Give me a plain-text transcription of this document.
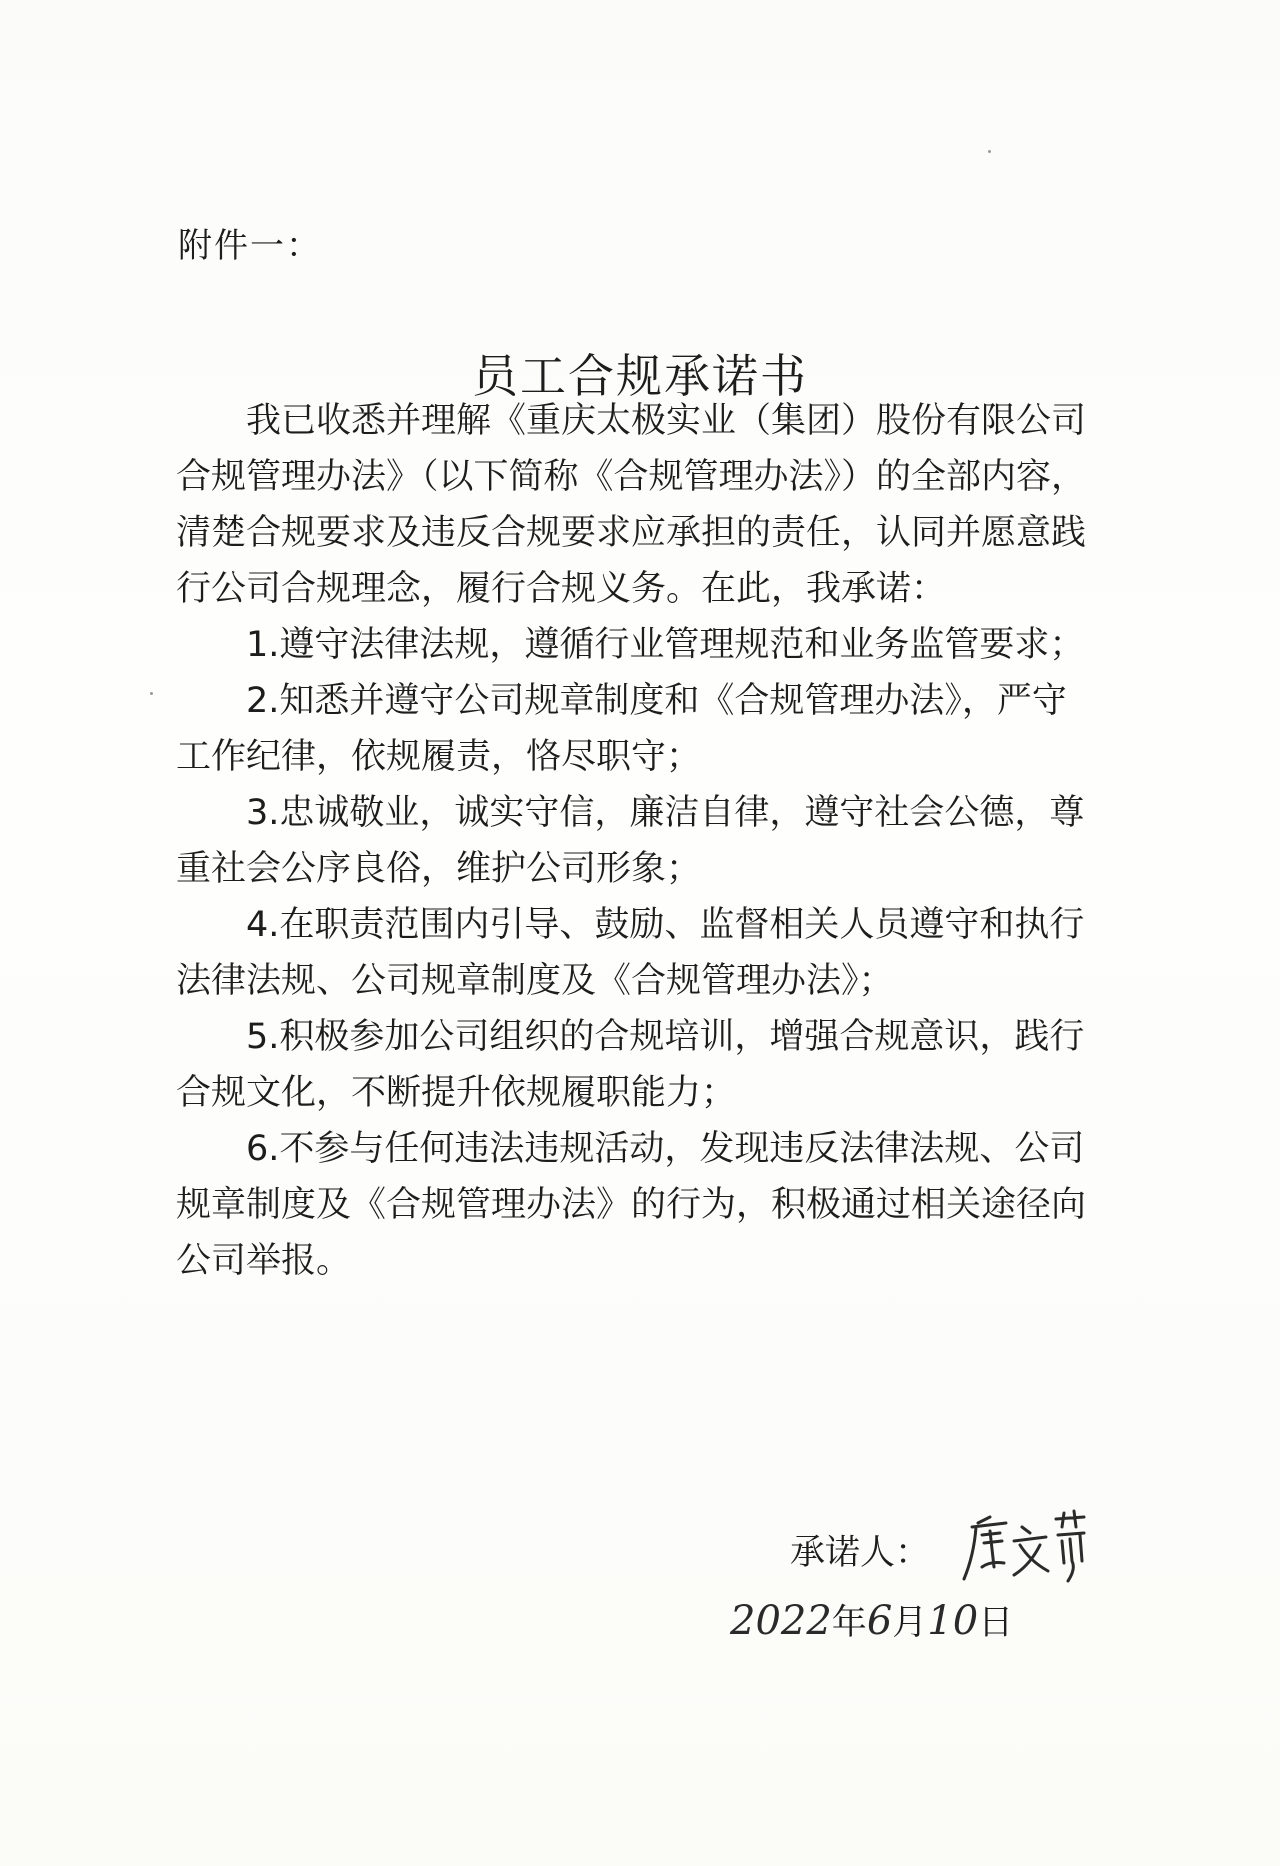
附件一：
员工合规承诺书
我已收悉并理解《重庆太极实业（集团）股份有限公司
合规管理办法》（以下简称《合规管理办法》）的全部内容，
清楚合规要求及违反合规要求应承担的责任，认同并愿意践
行公司合规理念，履行合规义务。在此，我承诺：
1.遵守法律法规，遵循行业管理规范和业务监管要求；
2.知悉并遵守公司规章制度和《合规管理办法》，严守
工作纪律，依规履责，恪尽职守；
3.忠诚敬业，诚实守信，廉洁自律，遵守社会公德，尊
重社会公序良俗，维护公司形象；
4.在职责范围内引导、鼓励、监督相关人员遵守和执行
法律法规、公司规章制度及《合规管理办法》；
5.积极参加公司组织的合规培训，增强合规意识，践行
合规文化，不断提升依规履职能力；
6.不参与任何违法违规活动，发现违反法律法规、公司
规章制度及《合规管理办法》的行为，积极通过相关途径向
公司举报。
承诺人：
2022年6月10日
